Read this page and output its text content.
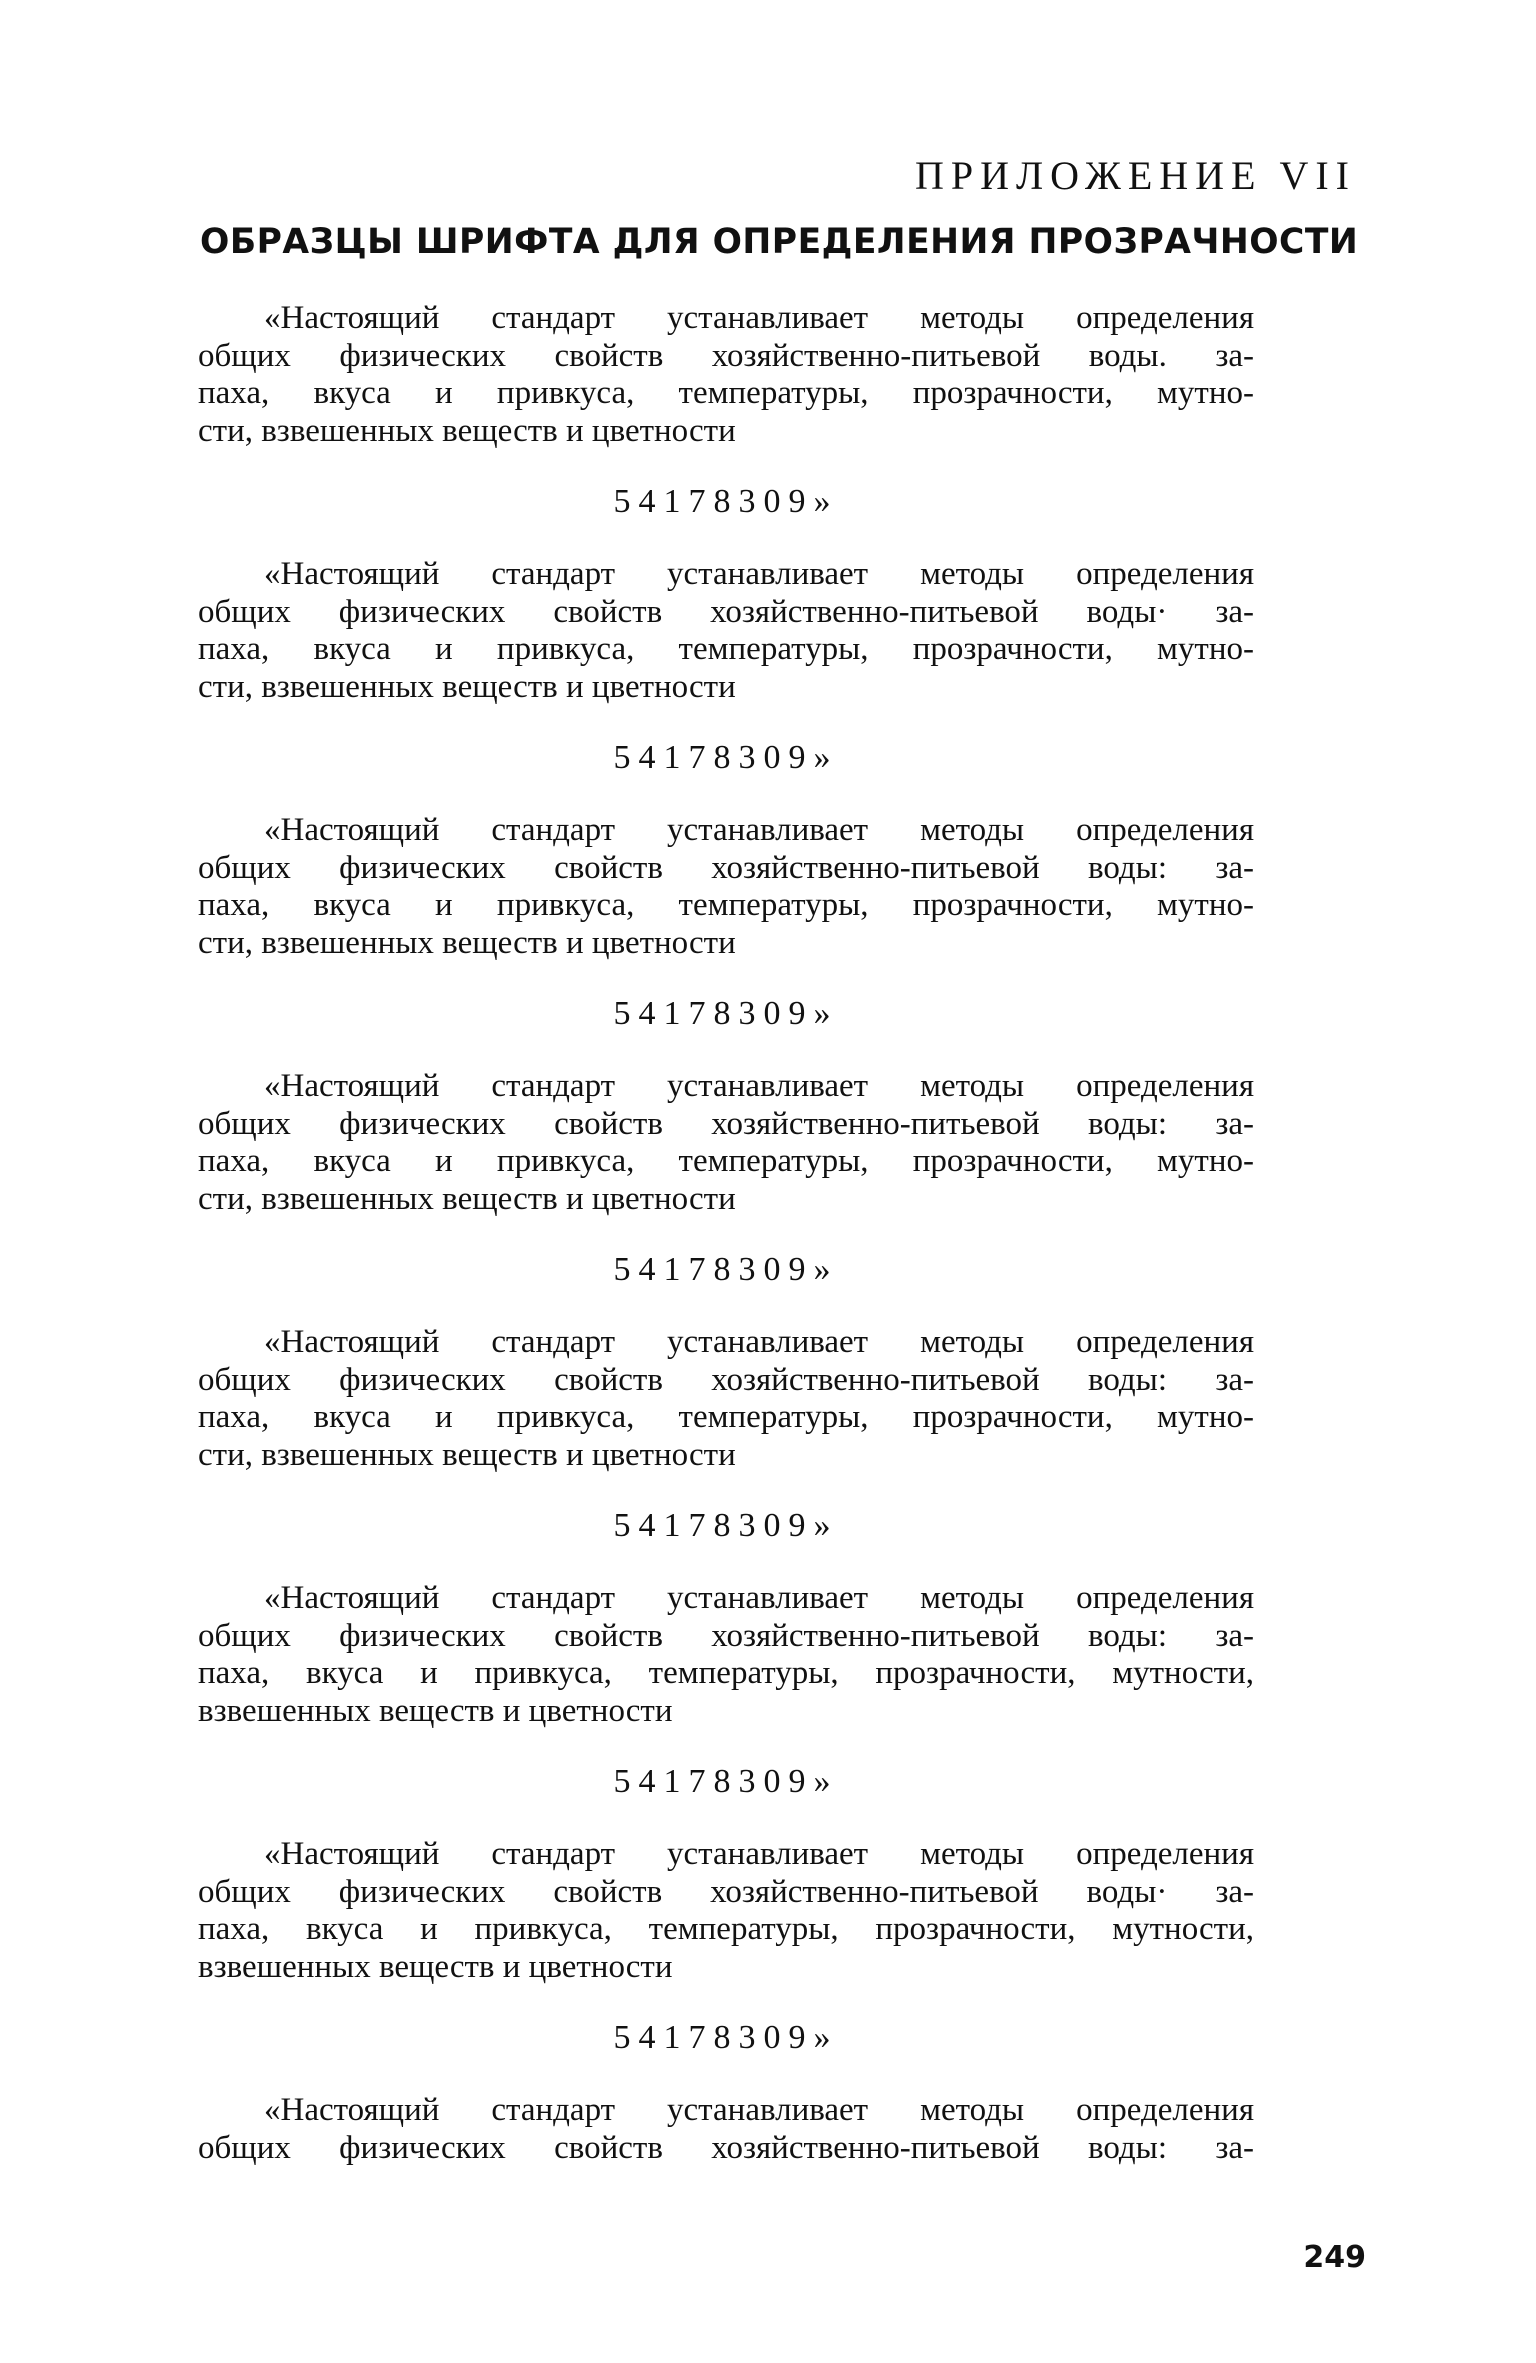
ПРИЛОЖЕНИЕ VII
ОБРАЗЦЫ ШРИФТА ДЛЯ ОПРЕДЕЛЕНИЯ ПРОЗРАЧНОСТИ

«Настоящий стандарт устанавливает методы определения
общих физических свойств хозяйственно-питьевой воды. за-
паха, вкуса и привкуса, температуры, прозрачности, мутно-
сти, взвешенных веществ и цветности

54178309»

«Настоящий стандарт устанавливает методы определения
общих физических свойств хозяйственно-питьевой воды· за-
паха, вкуса и привкуса, температуры, прозрачности, мутно-
сти, взвешенных веществ и цветности

54178309»

«Настоящий стандарт устанавливает методы определения
общих физических свойств хозяйственно-питьевой воды: за-
паха, вкуса и привкуса, температуры, прозрачности, мутно-
сти, взвешенных веществ и цветности

54178309»

«Настоящий стандарт устанавливает методы определения
общих физических свойств хозяйственно-питьевой воды: за-
паха, вкуса и привкуса, температуры, прозрачности, мутно-
сти, взвешенных веществ и цветности

54178309»

«Настоящий стандарт устанавливает методы определения
общих физических свойств хозяйственно-питьевой воды: за-
паха, вкуса и привкуса, температуры, прозрачности, мутно-
сти, взвешенных веществ и цветности

54178309»

«Настоящий стандарт устанавливает методы определения
общих физических свойств хозяйственно-питьевой воды: за-
паха, вкуса и привкуса, температуры, прозрачности, мутности,
взвешенных веществ и цветности

54178309»

«Настоящий стандарт устанавливает методы определения
общих физических свойств хозяйственно-питьевой воды· за-
паха, вкуса и привкуса, температуры, прозрачности, мутности,
взвешенных веществ и цветности

54178309»

«Настоящий стандарт устанавливает методы определения
общих физических свойств хозяйственно-питьевой воды: за-

249
